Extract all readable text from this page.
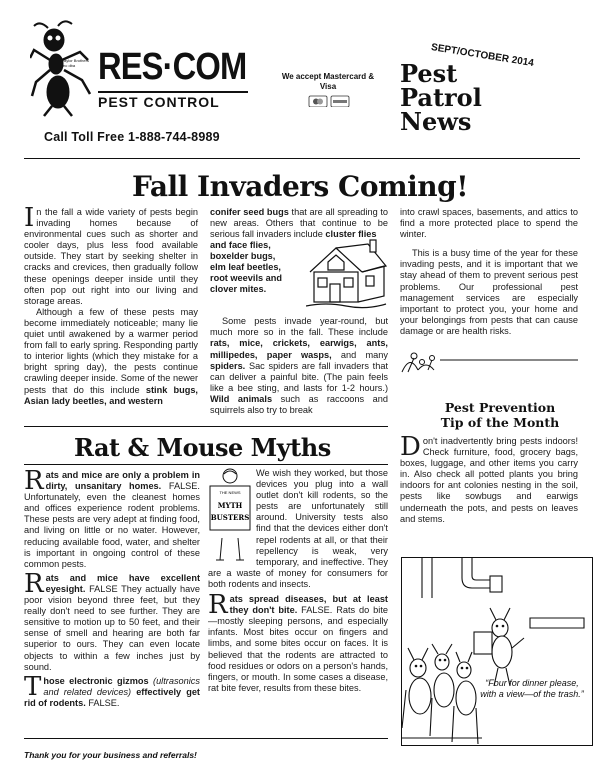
Taylor Brothers Inc dba RES·COM
PEST CONTROL
Call Toll Free 1-888-744-8989
We accept Mastercard & Visa
SEPT/OCTOBER 2014
Pest
Patrol
News
Fall Invaders Coming!

In the fall a wide variety of pests begin invading homes because of environmental cues such as shorter and cooler days, plus less food available outside. They start by seeking shelter in cracks and crevices, then gradually follow these openings deeper inside until they often pop out right into our living and storage areas.

Although a few of these pests may become immediately noticeable; many lie quiet until awakened by a warmer period from fall to early spring. Responding partly to interior lights (which they mistake for a bright spring day), the pests continue crawling deeper inside. Some of the newer pests that do this include stink bugs, Asian lady beetles, and western

conifer seed bugs that are all spreading to new areas. Others that continue to be serious fall invaders include cluster flies

and face flies,
boxelder bugs,
elm leaf beetles,
root weevils and
clover mites.

Some pests invade year-round, but much more so in the fall. These include rats, mice, crickets, earwigs, ants, millipedes, paper wasps, and many spiders. Sac spiders are fall invaders that can deliver a painful bite. (The pain feels like a bee sting, and lasts for 1-2 hours.) Wild animals such as raccoons and squirrels also try to break

into crawl spaces, basements, and attics to find a more protected place to spend the winter.

This is a busy time of the year for these invading pests, and it is important that we stay ahead of them to prevent serious pest problems. Our professional pest management services are especially important to protect you, your home and your belongings from pests that can cause damage or are health risks.

Pest Prevention
Tip of the Month

Don't inadvertently bring pests indoors! Check furniture, food, grocery bags, boxes, luggage, and other items you carry in. Also check all potted plants you bring indoors for ant colonies nesting in the soil, pests like sowbugs and earwigs underneath the pots, and pests on leaves and stems.

Rat & Mouse Myths

Rats and mice are only a problem in dirty, unsanitary homes. FALSE. Unfortunately, even the cleanest homes and offices experience rodent problems. These pests are very adept at finding food, and living on little or no water. However, reducing available food, water, and shelter is important in ongoing control of these common pests.

Rats and mice have excellent eyesight. FALSE They actually have poor vision beyond three feet, but they really don't need to see further. They are sensitive to motion up to 50 feet, and their sense of smell and hearing are both far superior to ours. They can even locate objects to within a few inches just by sound.

Those electronic gizmos (ultrasonics and related devices) effectively get rid of rodents. FALSE.

THE NEWS
MYTH
BUSTERS

We wish they worked, but those devices you plug into a wall outlet don't kill rodents, so the pests are unfortunately still around. University tests also find that the devices either don't repel rodents at all, or that their repellency is weak, very temporary, and ineffective. They are a waste of money for consumers for both rodents and insects.

Rats spread diseases, but at least they don't bite. FALSE. Rats do bite—mostly sleeping persons, and especially infants. Most bites occur on fingers and limbs, and some bites occur on faces. It is believed that the rodents are attracted to food residues or odors on a person's hands, fingers, or mouth. In some cases a disease, rat bite fever, results from these bites.	“Four for dinner please, with a view—of the trash.”
Thank you for your business and referrals!
